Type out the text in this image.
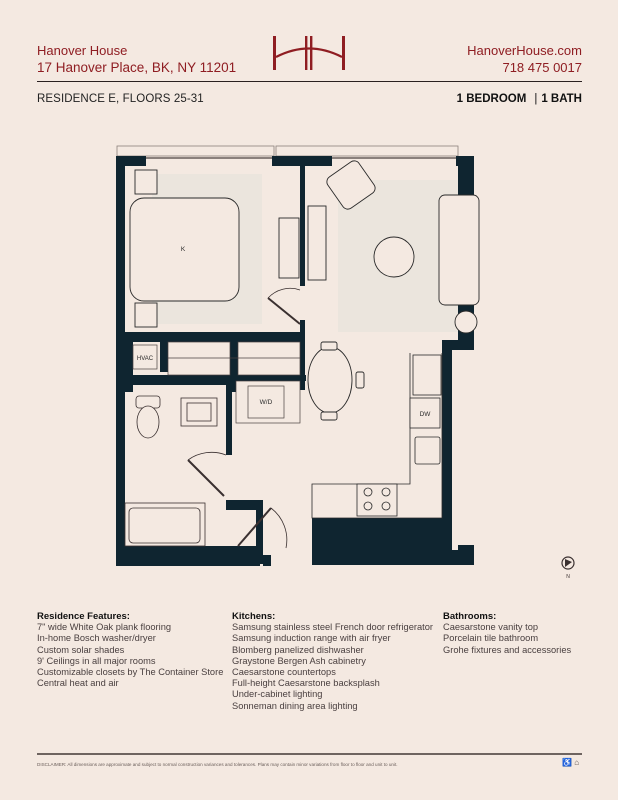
Hanover House
17 Hanover Place, BK, NY 11201
HanoverHouse.com
718 475 0017
RESIDENCE E, FLOORS 25-31	1 BEDROOM | 1 BATH
K
HVAC
W/D
DW
N
Residence Features:
7" wide White Oak plank flooring
In-home Bosch washer/dryer
Custom solar shades
9' Ceilings in all major rooms
Customizable closets by The Container Store
Central heat and air
Kitchens:
Samsung stainless steel French door refrigerator
Samsung induction range with air fryer
Blomberg panelized dishwasher
Graystone Bergen Ash cabinetry
Caesarstone countertops
Full-height Caesarstone backsplash
Under-cabinet lighting
Sonneman dining area lighting
Bathrooms:
Caesarstone vanity top
Porcelain tile bathroom
Grohe fixtures and accessories
DISCLAIMER: All dimensions are approximate and subject to normal construction variances and tolerances. Plans may contain minor variations from floor to floor and unit to unit.	♿ ⌂
